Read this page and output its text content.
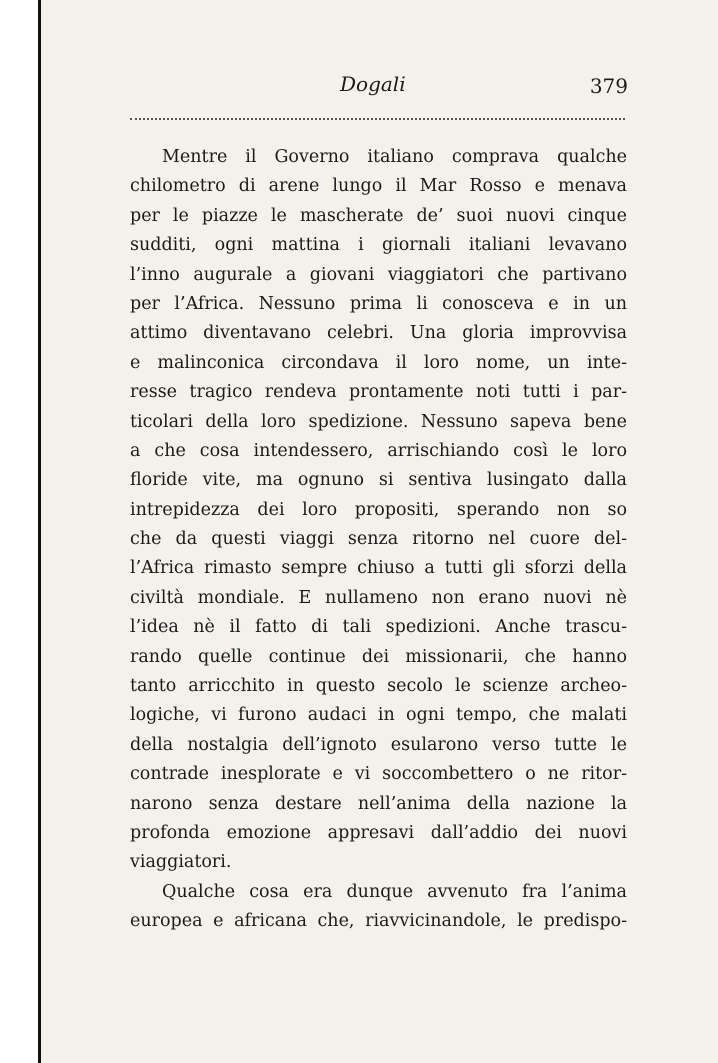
Dogali	379
Mentre il Governo italiano comprava qualche
chilometro di arene lungo il Mar Rosso e menava
per le piazze le mascherate de’ suoi nuovi cinque
sudditi, ogni mattina i giornali italiani levavano
l’inno augurale a giovani viaggiatori che partivano
per l’Africa. Nessuno prima li conosceva e in un
attimo diventavano celebri. Una gloria improvvisa
e malinconica circondava il loro nome, un inte-
resse tragico rendeva prontamente noti tutti i par-
ticolari della loro spedizione. Nessuno sapeva bene
a che cosa intendessero, arrischiando così le loro
floride vite, ma ognuno si sentiva lusingato dalla
intrepidezza dei loro propositi, sperando non so
che da questi viaggi senza ritorno nel cuore del-
l’Africa rimasto sempre chiuso a tutti gli sforzi della
civiltà mondiale. E nullameno non erano nuovi nè
l’idea nè il fatto di tali spedizioni. Anche trascu-
rando quelle continue dei missionarii, che hanno
tanto arricchito in questo secolo le scienze archeo-
logiche, vi furono audaci in ogni tempo, che malati
della nostalgia dell’ignoto esularono verso tutte le
contrade inesplorate e vi soccombettero o ne ritor-
narono senza destare nell’anima della nazione la
profonda emozione appresavi dall’addio dei nuovi
viaggiatori.
Qualche cosa era dunque avvenuto fra l’anima
europea e africana che, riavvicinandole, le predispo-
